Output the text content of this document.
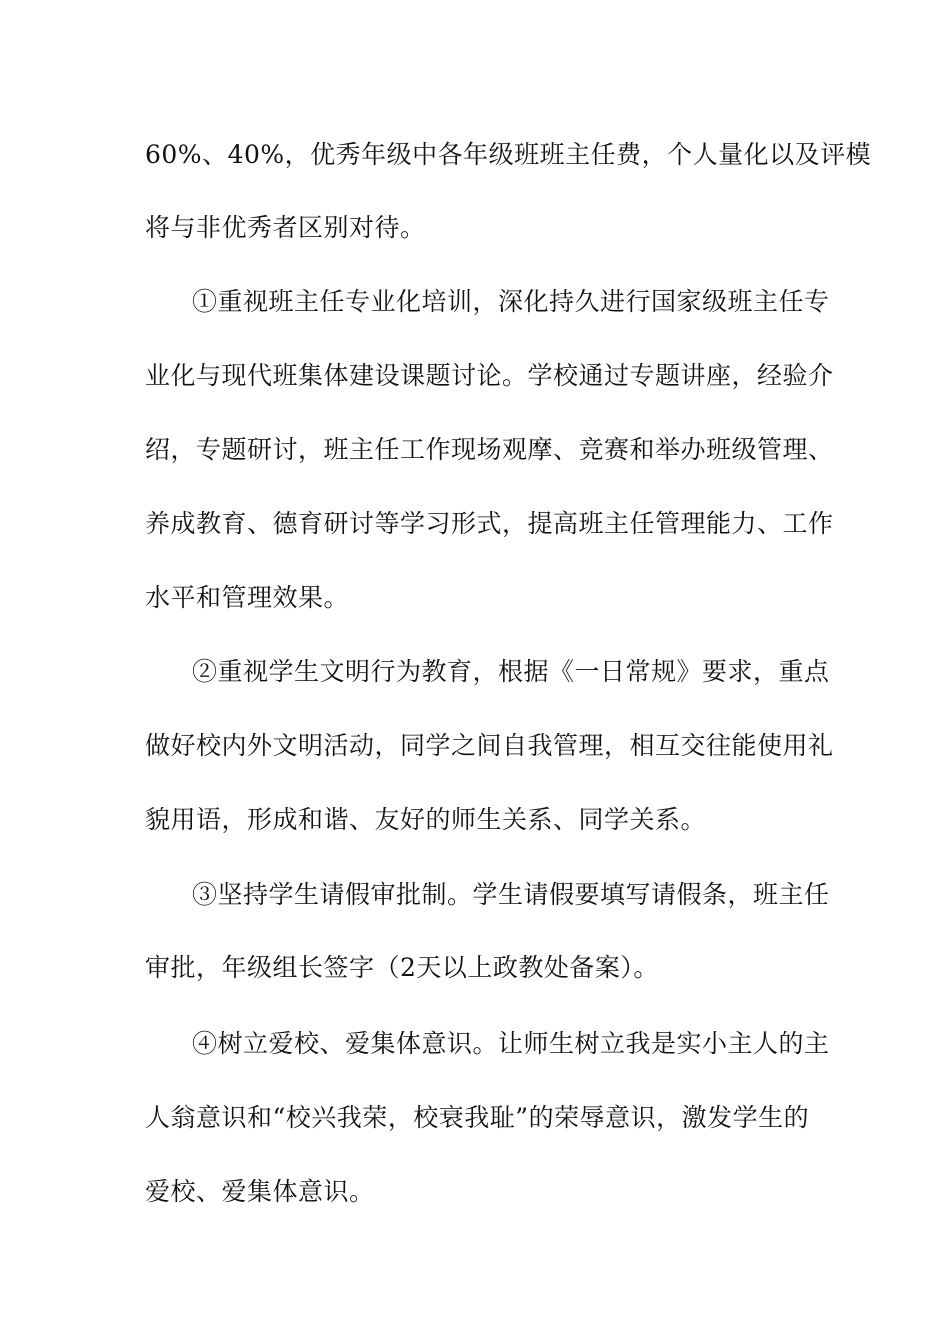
60%、40%，优秀年级中各年级班班主任费，个人量化以及评模
将与非优秀者区别对待。
①重视班主任专业化培训，深化持久进行国家级班主任专
业化与现代班集体建设课题讨论。学校通过专题讲座，经验介
绍，专题研讨，班主任工作现场观摩、竞赛和举办班级管理、
养成教育、德育研讨等学习形式，提高班主任管理能力、工作
水平和管理效果。
②重视学生文明行为教育，根据《一日常规》要求，重点
做好校内外文明活动，同学之间自我管理，相互交往能使用礼
貌用语，形成和谐、友好的师生关系、同学关系。
③坚持学生请假审批制。学生请假要填写请假条，班主任
审批，年级组长签字（2天以上政教处备案）。
④树立爱校、爱集体意识。让师生树立我是实小主人的主
人翁意识和“校兴我荣，校衰我耻”的荣辱意识，激发学生的
爱校、爱集体意识。
